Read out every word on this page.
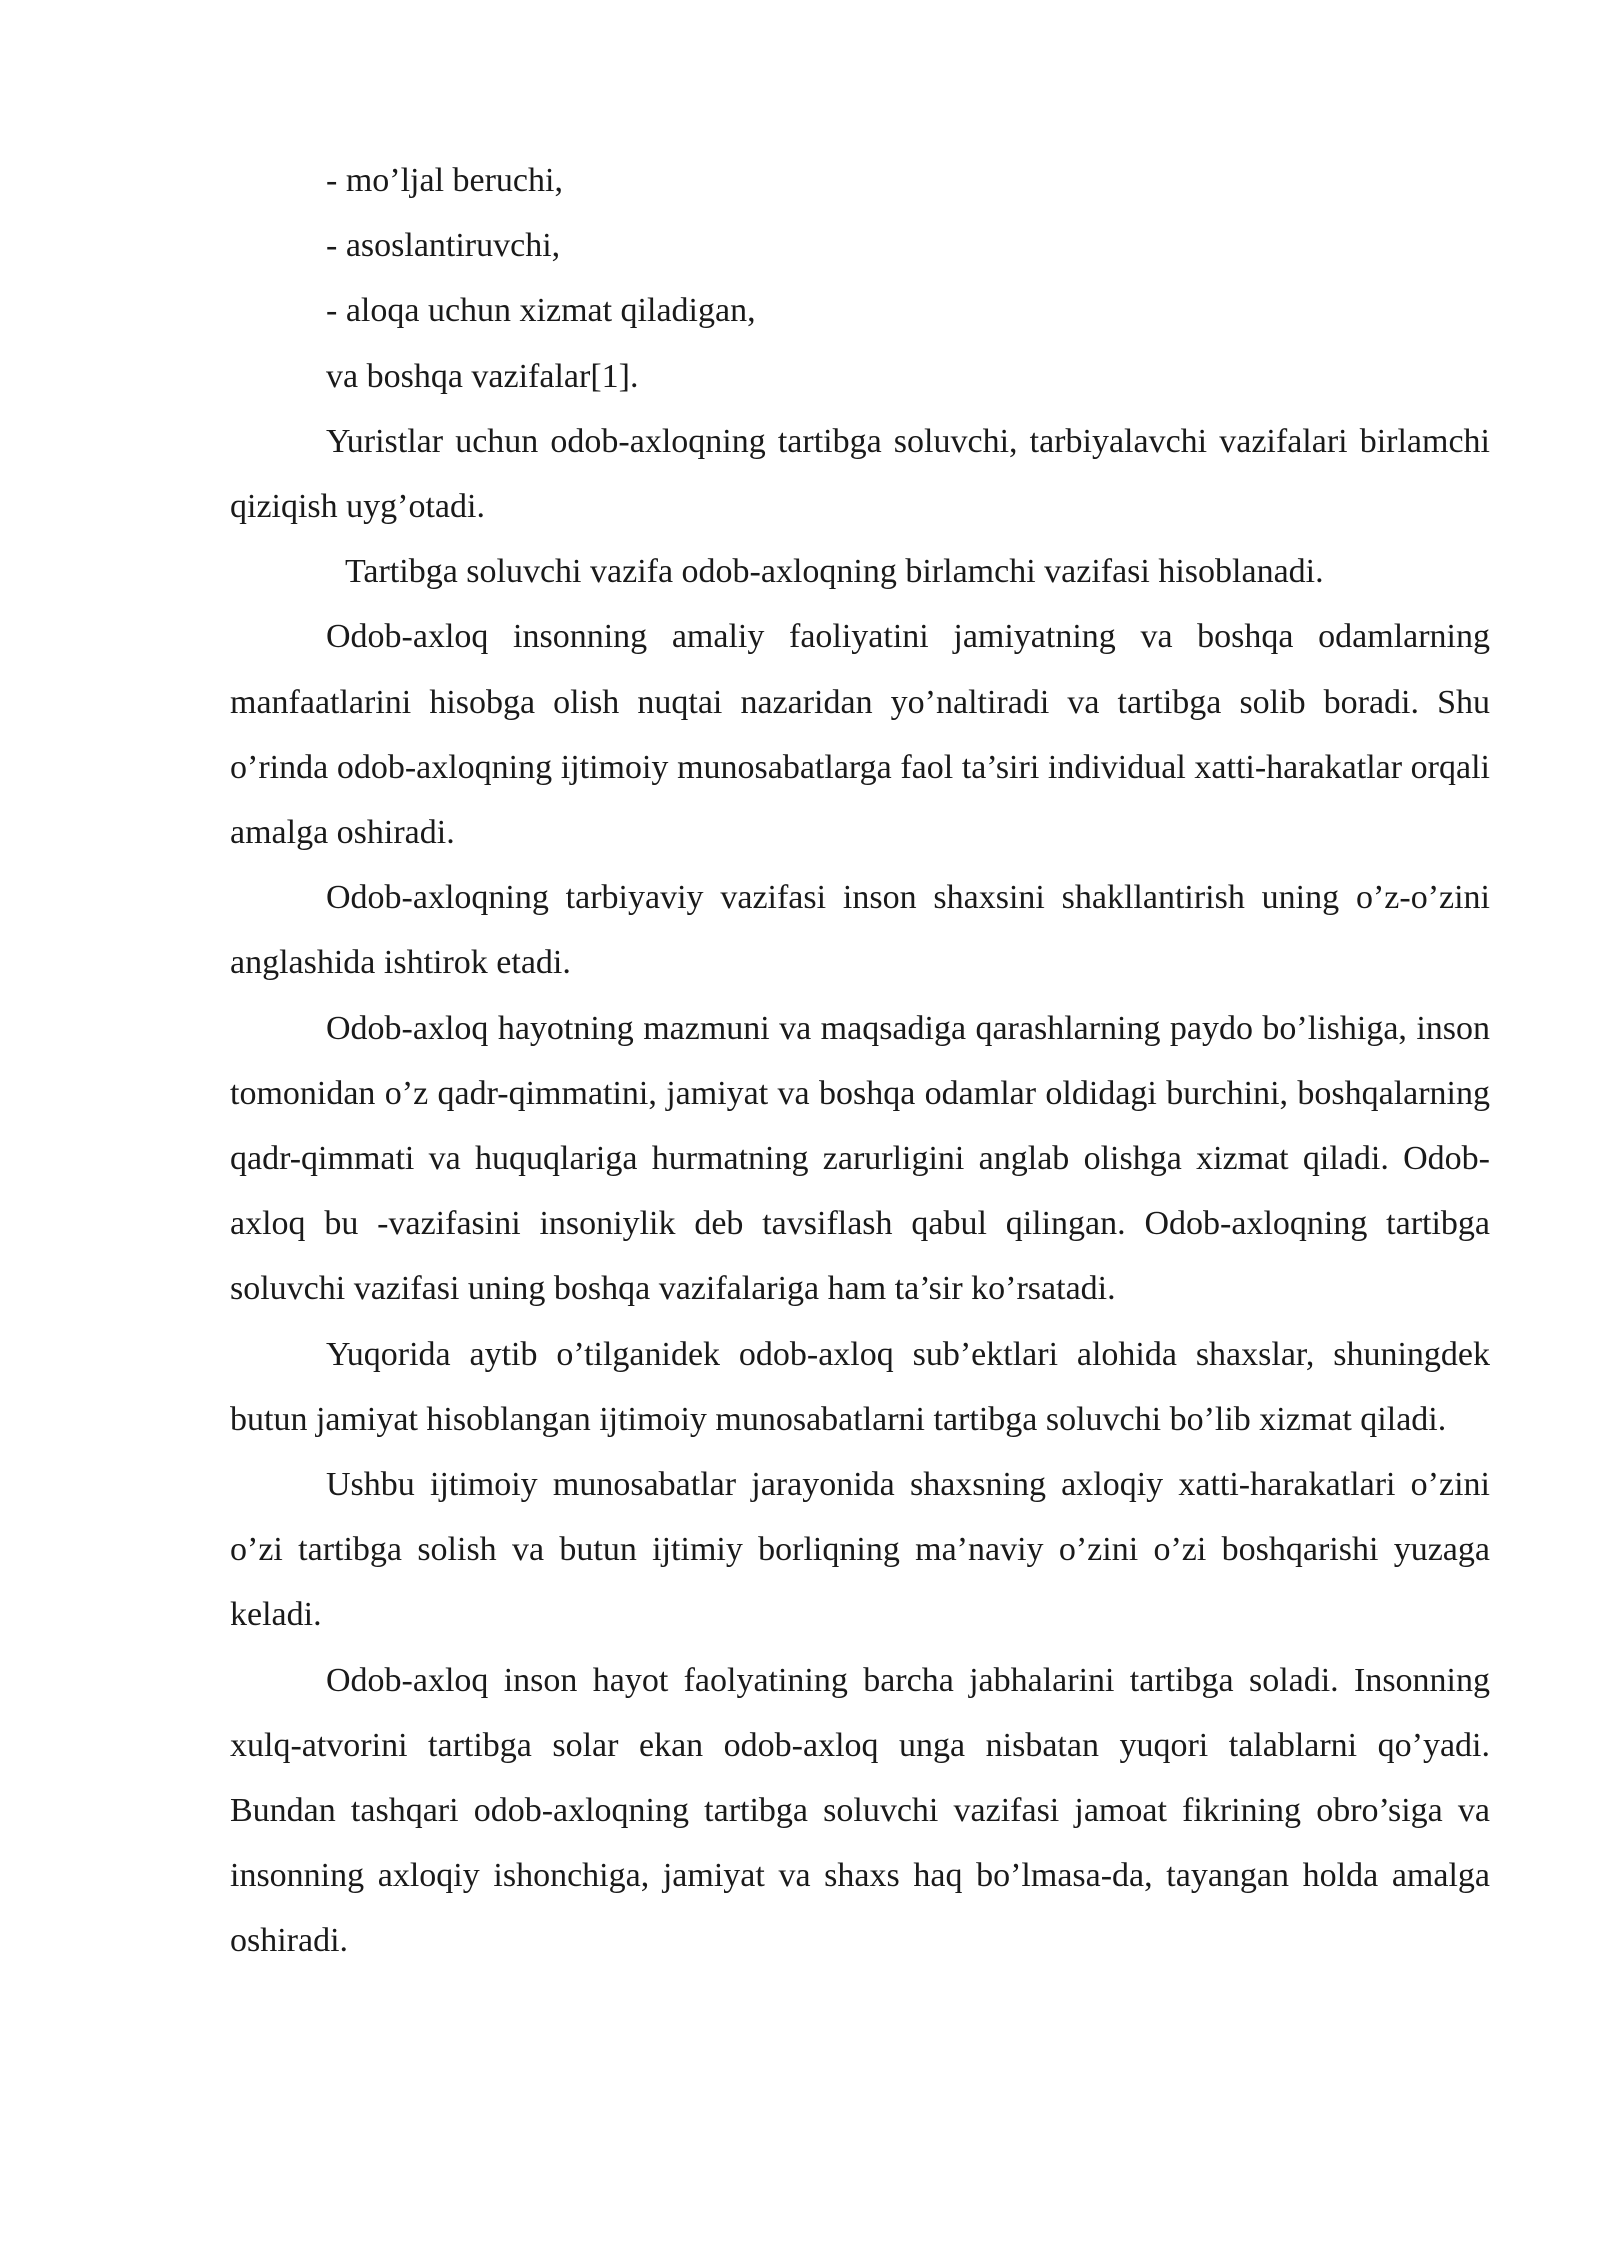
- mo’ljal beruchi,
- asoslantiruvchi,
- aloqa uchun xizmat qiladigan,
va boshqa vazifalar[1].

Yuristlar uchun odob-axloqning tartibga soluvchi, tarbiyalavchi vazifalari birlamchi qiziqish uyg’otadi.

Tartibga soluvchi vazifa odob-axloqning birlamchi vazifasi hisoblanadi.

Odob-axloq insonning amaliy faoliyatini jamiyatning va boshqa odamlarning manfaatlarini hisobga olish nuqtai nazaridan yo’naltiradi va tartibga solib boradi. Shu o’rinda odob-axloqning ijtimoiy munosabatlarga faol ta’siri individual xatti-harakatlar orqali amalga oshiradi.

Odob-axloqning tarbiyaviy vazifasi inson shaxsini shakllantirish uning o’z-o’zini anglashida ishtirok etadi.

Odob-axloq hayotning mazmuni va maqsadiga qarashlarning paydo bo’lishiga, inson tomonidan o’z qadr-qimmatini, jamiyat va boshqa odamlar oldidagi burchini, boshqalarning qadr-qimmati va huquqlariga hurmatning zarurligini anglab olishga xizmat qiladi. Odob-axloq bu -vazifasini insoniylik deb tavsiflash qabul qilingan. Odob-axloqning tartibga soluvchi vazifasi uning boshqa vazifalariga ham ta’sir ko’rsatadi.

Yuqorida aytib o’tilganidek odob-axloq sub’ektlari alohida shaxslar, shuningdek butun jamiyat hisoblangan ijtimoiy munosabatlarni tartibga soluvchi bo’lib xizmat qiladi.

Ushbu ijtimoiy munosabatlar jarayonida shaxsning axloqiy xatti-harakatlari o’zini o’zi tartibga solish va butun ijtimiy borliqning ma’naviy o’zini o’zi boshqarishi yuzaga keladi.

Odob-axloq inson hayot faolyatining barcha jabhalarini tartibga soladi. Insonning xulq-atvorini tartibga solar ekan odob-axloq unga nisbatan yuqori talablarni qo’yadi. Bundan tashqari odob-axloqning tartibga soluvchi vazifasi jamoat fikrining obro’siga va insonning axloqiy ishonchiga, jamiyat va shaxs haq bo’lmasa-da, tayangan holda amalga oshiradi.
